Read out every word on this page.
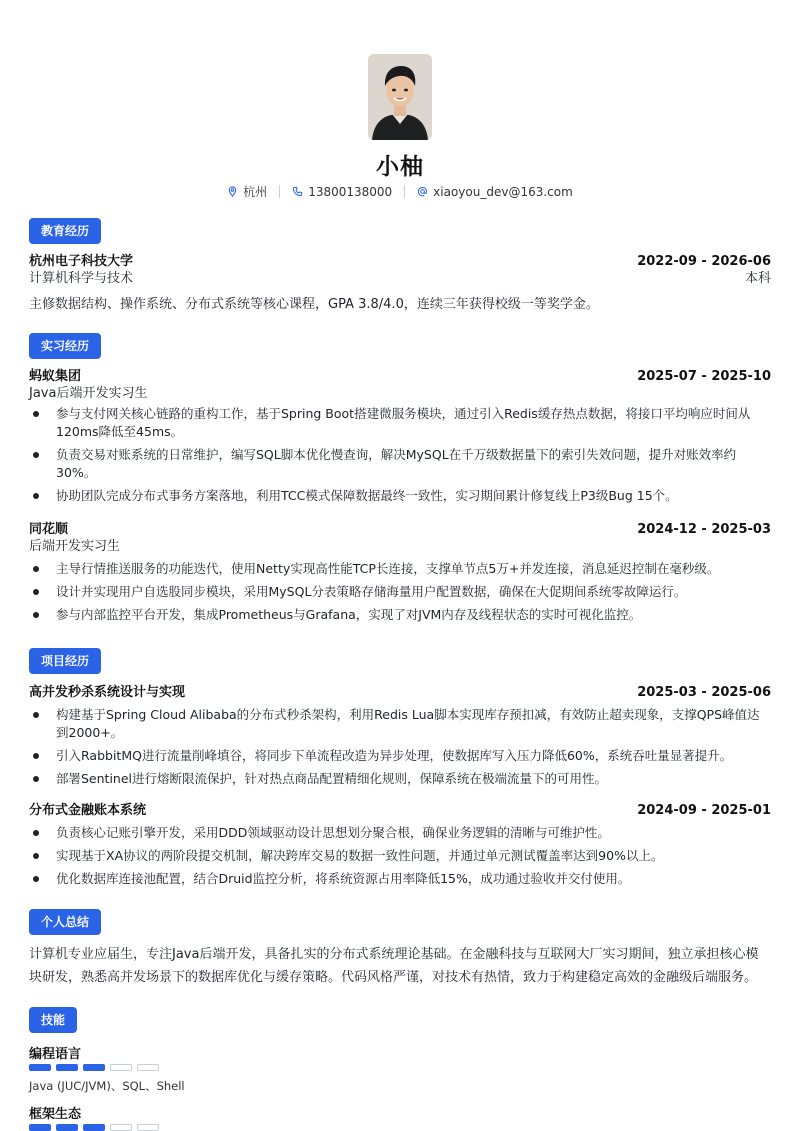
小柚
杭州	13800138000	xiaoyou_dev@163.com
教育经历
杭州电子科技大学	2022-09 - 2026-06
计算机科学与技术	本科
主修数据结构、操作系统、分布式系统等核心课程，GPA 3.8/4.0，连续三年获得校级一等奖学金。
实习经历
蚂蚁集团	2025-07 - 2025-10
Java后端开发实习生
参与支付网关核心链路的重构工作，基于Spring Boot搭建微服务模块，通过引入Redis缓存热点数据，将接口平均响应时间从120ms降低至45ms。
负责交易对账系统的日常维护，编写SQL脚本优化慢查询，解决MySQL在千万级数据量下的索引失效问题，提升对账效率约30%。
协助团队完成分布式事务方案落地，利用TCC模式保障数据最终一致性，实习期间累计修复线上P3级Bug 15个。
同花顺	2024-12 - 2025-03
后端开发实习生
主导行情推送服务的功能迭代，使用Netty实现高性能TCP长连接，支撑单节点5万+并发连接，消息延迟控制在毫秒级。
设计并实现用户自选股同步模块，采用MySQL分表策略存储海量用户配置数据，确保在大促期间系统零故障运行。
参与内部监控平台开发，集成Prometheus与Grafana，实现了对JVM内存及线程状态的实时可视化监控。
项目经历
高并发秒杀系统设计与实现	2025-03 - 2025-06
构建基于Spring Cloud Alibaba的分布式秒杀架构，利用Redis Lua脚本实现库存预扣减，有效防止超卖现象，支撑QPS峰值达到2000+。
引入RabbitMQ进行流量削峰填谷，将同步下单流程改造为异步处理，使数据库写入压力降低60%，系统吞吐量显著提升。
部署Sentinel进行熔断限流保护，针对热点商品配置精细化规则，保障系统在极端流量下的可用性。
分布式金融账本系统	2024-09 - 2025-01
负责核心记账引擎开发，采用DDD领域驱动设计思想划分聚合根，确保业务逻辑的清晰与可维护性。
实现基于XA协议的两阶段提交机制，解决跨库交易的数据一致性问题，并通过单元测试覆盖率达到90%以上。
优化数据库连接池配置，结合Druid监控分析，将系统资源占用率降低15%，成功通过验收并交付使用。
个人总结
计算机专业应届生，专注Java后端开发，具备扎实的分布式系统理论基础。在金融科技与互联网大厂实习期间，独立承担核心模块研发，熟悉高并发场景下的数据库优化与缓存策略。代码风格严谨，对技术有热情，致力于构建稳定高效的金融级后端服务。
技能
编程语言
Java (JUC/JVM)、SQL、Shell
框架生态
